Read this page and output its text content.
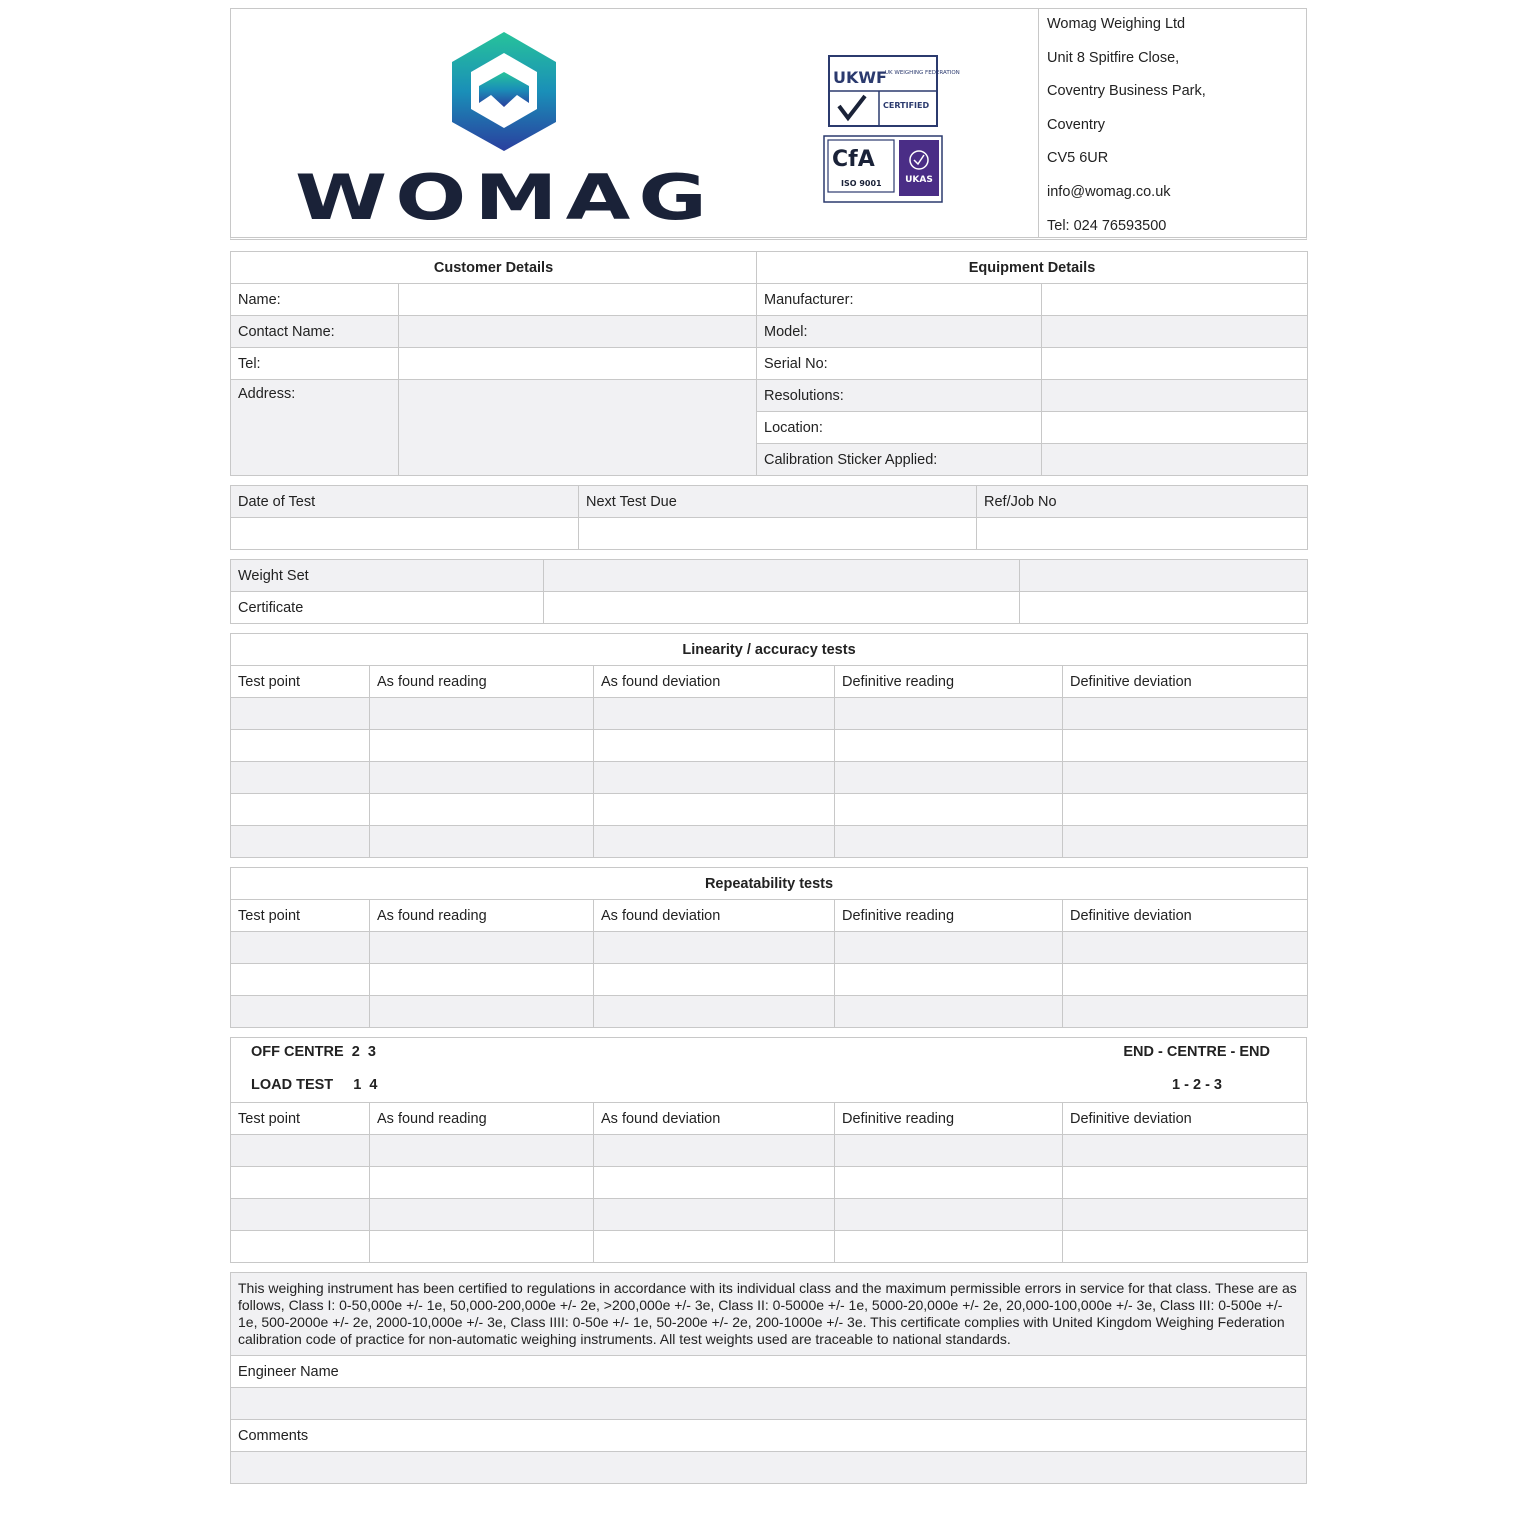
WOMAG
UKWF
UK WEIGHING FEDERATION
CERTIFIED
CfA
ISO 9001	UKAS
Womag Weighing Ltd
Unit 8 Spitfire Close,
Coventry Business Park,
Coventry
CV5 6UR
info@womag.co.uk
Tel: 024 76593500
Customer Details		Equipment Details	
Name:		Manufacturer:	
Contact Name:		Model:	
Tel:		Serial No:	
Address:		Resolutions:	
		Location:	
		Calibration Sticker Applied:	
Date of Test	Next Test Due	Ref/Job No

Weight Set		
Certificate		
Linearity / accuracy tests				
Test point	As found reading	As found deviation	Definitive reading	Definitive deviation

Repeatability tests				
Test point	As found reading	As found deviation	Definitive reading	Definitive deviation

OFF CENTRE  2  3
LOAD TEST     1  4
END - CENTRE - END
1 - 2 - 3
Test point	As found reading	As found deviation	Definitive reading	Definitive deviation

This weighing instrument has been certified to regulations in accordance with its individual class and the maximum permissible errors in service for that class. These are as follows, Class I: 0-50,000e +/- 1e, 50,000-200,000e +/- 2e, >200,000e +/- 3e, Class II: 0-5000e +/- 1e, 5000-20,000e +/- 2e, 20,000-100,000e +/- 3e, Class III: 0-500e +/- 1e, 500-2000e +/- 2e, 2000-10,000e +/- 3e, Class IIII: 0-50e +/- 1e, 50-200e +/- 2e, 200-1000e +/- 3e. This certificate complies with United Kingdom Weighing Federation calibration code of practice for non-automatic weighing instruments. All test weights used are traceable to national standards.
Engineer Name

Comments
